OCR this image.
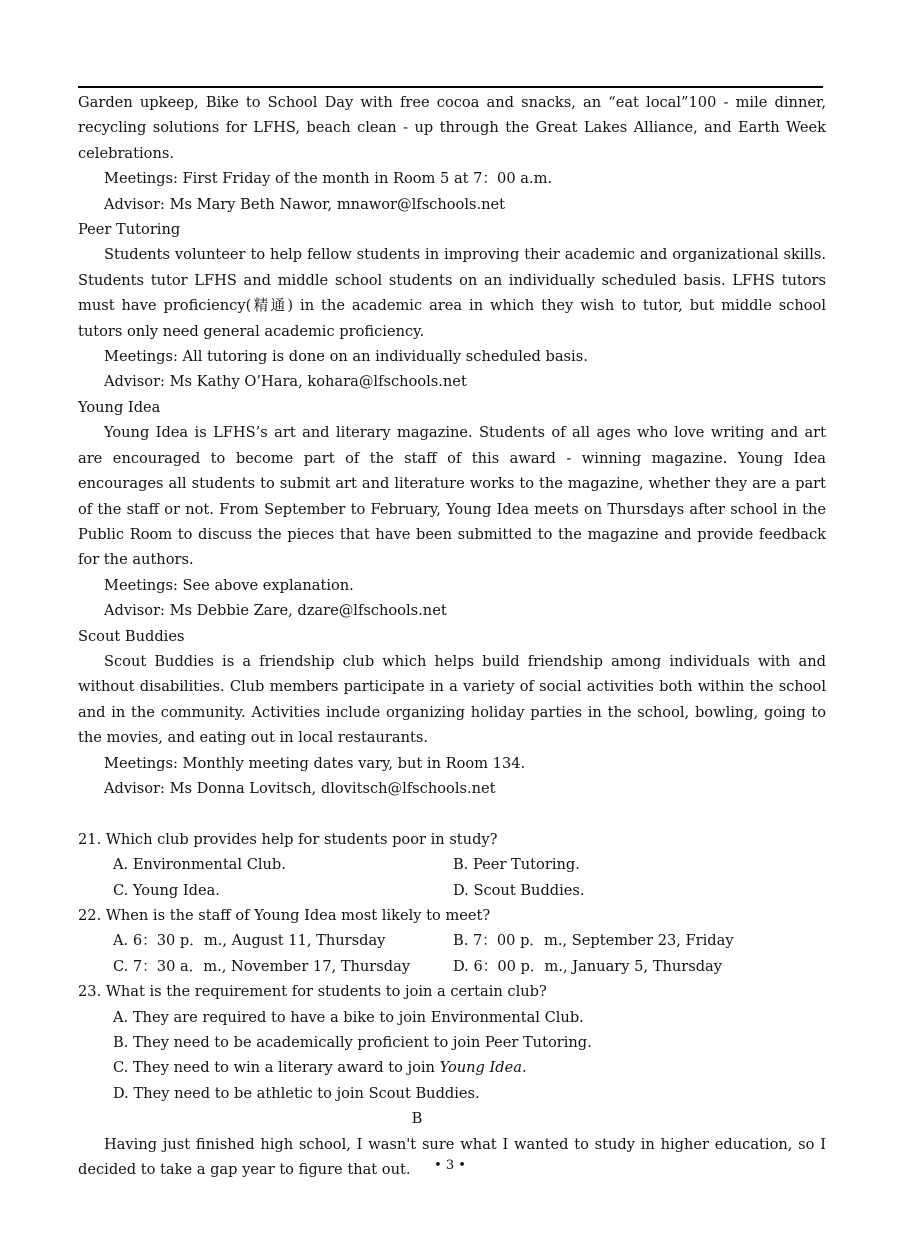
Garden upkeep, Bike to School Day with free cocoa and snacks, an “eat local”100 - mile dinner, recycling solutions for LFHS, beach clean - up through the Great Lakes Alliance, and Earth Week celebrations.

Meetings: First Friday of the month in Room 5 at 7：00 a.m.

Advisor: Ms Mary Beth Nawor, mnawor@lfschools.net

Peer Tutoring

Students volunteer to help fellow students in improving their academic and organizational skills. Students tutor LFHS and middle school students on an individually scheduled basis. LFHS tutors must have proficiency(精通) in the academic area in which they wish to tutor, but middle school tutors only need general academic proficiency.

Meetings: All tutoring is done on an individually scheduled basis.

Advisor: Ms Kathy O’Hara, kohara@lfschools.net

Young Idea

Young Idea is LFHS’s art and literary magazine. Students of all ages who love writing and art are encouraged to become part of the staff of this award - winning magazine. Young Idea encourages all students to submit art and literature works to the magazine, whether they are a part of the staff or not. From September to February, Young Idea meets on Thursdays after school in the Public Room to discuss the pieces that have been submitted to the magazine and provide feedback for the authors.

Meetings: See above explanation.

Advisor: Ms Debbie Zare, dzare@lfschools.net

Scout Buddies

Scout Buddies is a friendship club which helps build friendship among individuals with and without disabilities. Club members participate in a variety of social activities both within the school and in the community. Activities include organizing holiday parties in the school, bowling, going to the movies, and eating out in local restaurants.

Meetings: Monthly meeting dates vary, but in Room 134.

Advisor: Ms Donna Lovitsch, dlovitsch@lfschools.net

21. Which club provides help for students poor in study?

A. Environmental Club.	B. Peer Tutoring.
C. Young Idea.	D. Scout Buddies.

22. When is the staff of Young Idea most likely to meet?

A. 6：30 p．m., August 11, Thursday	B. 7：00 p．m., September 23, Friday
C. 7：30 a．m., November 17, Thursday	D. 6：00 p．m., January 5, Thursday

23. What is the requirement for students to join a certain club?

A. They are required to have a bike to join Environmental Club.

B. They need to be academically proficient to join Peer Tutoring.

C. They need to win a literary award to join Young Idea.

D. They need to be athletic to join Scout Buddies.

B

Having just finished high school, I wasn't sure what I wanted to study in higher education, so I decided to take a gap year to figure that out.	• 3 •
